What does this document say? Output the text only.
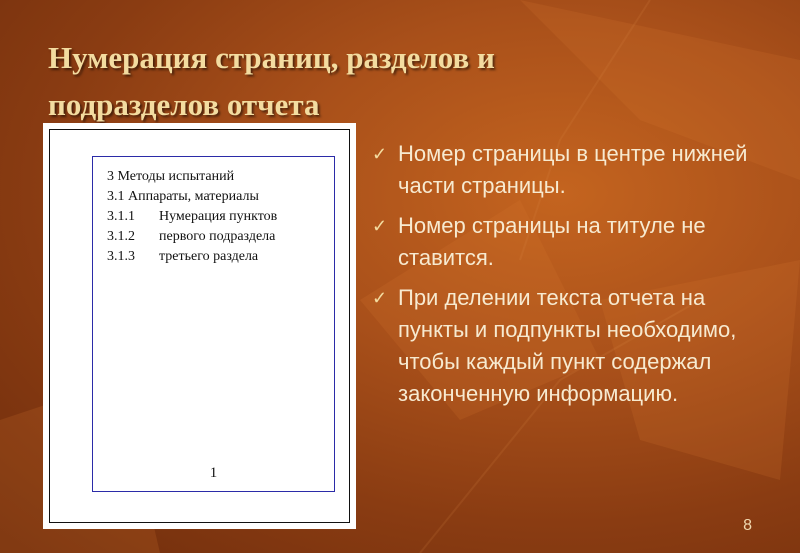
Нумерация страниц, разделов и
подразделов отчета
3 Методы испытаний
3.1 Аппараты, материалы
3.1.1 Нумерация пунктов
3.1.2 первого подраздела
3.1.3 третьего раздела
1
✓ Номер страницы в центре нижней части страницы.
✓ Номер страницы на титуле не ставится.
✓ При делении текста отчета на пункты и подпункты необходимо, чтобы каждый пункт содержал законченную информацию.
8
